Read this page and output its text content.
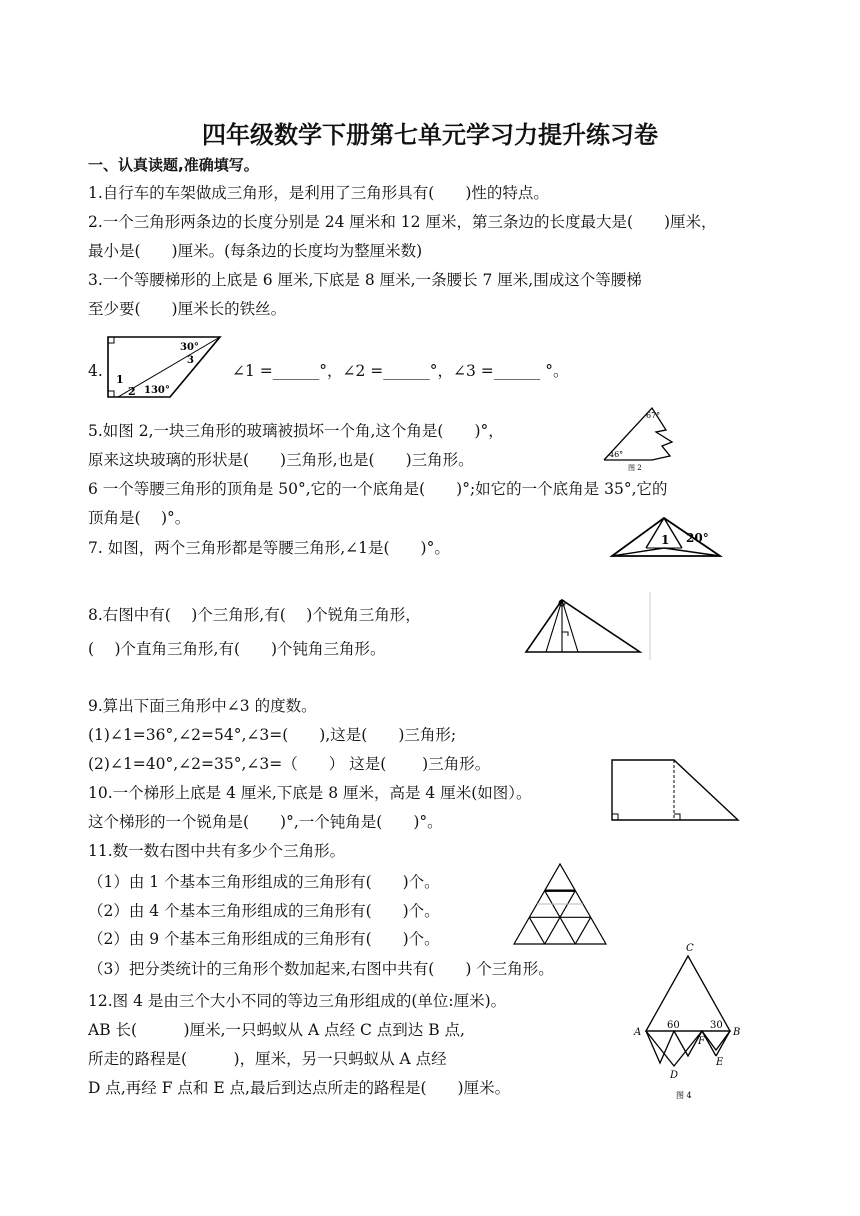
四年级数学下册第七单元学习力提升练习卷
一、认真读题,准确填写。
1.自行车的车架做成三角形，是利用了三角形具有(　　)性的特点。
2.一个三角形两条边的长度分别是 24 厘米和 12 厘米，第三条边的长度最大是(　　)厘米，
最小是(　　)厘米。(每条边的长度均为整厘米数)
3.一个等腰梯形的上底是 6 厘米,下底是 8 厘米,一条腰长 7 厘米,围成这个等腰梯
至少要(　　)厘米长的铁丝。
4.
30°
3
1
2 130°
∠1 =______°，∠2 =______°，∠3 =______ °。
5.如图 2,一块三角形的玻璃被损坏一个角,这个角是(　　)°，
原来这块玻璃的形状是(　　)三角形,也是(　　)三角形。
67°
46°
图 2
6 一个等腰三角形的顶角是 50°,它的一个底角是(　　)°;如它的一个底角是 35°,它的
顶角是(　 )°。
7. 如图，两个三角形都是等腰三角形,∠1是(　　)°。	1 20°
8.右图中有(　 )个三角形,有(　 )个锐角三角形，
(　 )个直角三角形,有(　　)个钝角三角形。
9.算出下面三角形中∠3 的度数。
(1)∠1=36°,∠2=54°,∠3=(　　),这是(　　)三角形;
(2)∠1=40°,∠2=35°,∠3=（　　） 这是(　　 )三角形。
10.一个梯形上底是 4 厘米,下底是 8 厘米，高是 4 厘米(如图）。
这个梯形的一个锐角是(　　)°,一个钝角是(　　)°。
11.数一数右图中共有多少个三角形。
（1）由 1 个基本三角形组成的三角形有(　　)个。
（2）由 4 个基本三角形组成的三角形有(　　)个。
（2）由 9 个基本三角形组成的三角形有(　　)个。
（3）把分类统计的三角形个数加起来,右图中共有(　　) 个三角形。
12.图 4 是由三个大小不同的等边三角形组成的(单位:厘米)。
AB 长(　　　)厘米,一只蚂蚁从 A 点经 C 点到达 B 点,
所走的路程是(　　　)，厘米，另一只蚂蚁从 A 点经
D 点,再经 F 点和 E 点,最后到达点所走的路程是(　　)厘米。
C
A	B
D
E
F
60	30
图 4
